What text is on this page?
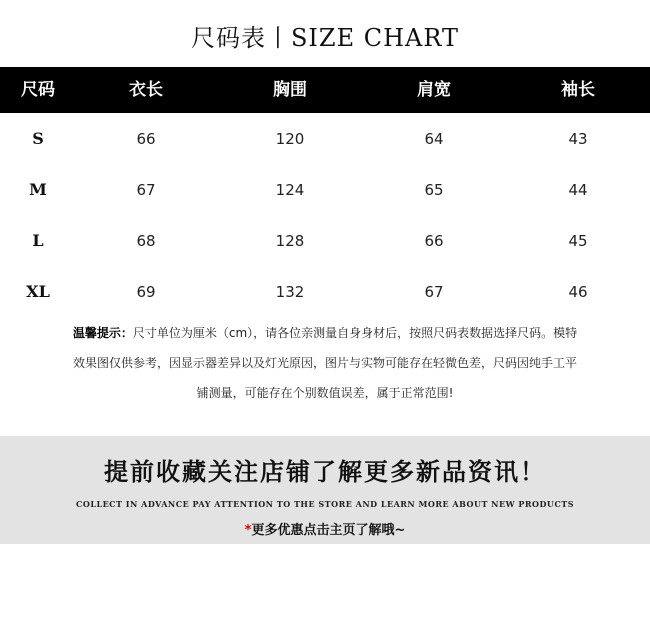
尺码表丨SIZE CHART
尺码	衣长	胸围	肩宽	袖长
S	66	120	64	43
M	67	124	65	44
L	68	128	66	45
XL	69	132	67	46
温馨提示：尺寸单位为厘米（cm），请各位亲测量自身身材后，按照尺码表数据选择尺码。模特
效果图仅供参考，因显示器差异以及灯光原因，图片与实物可能存在轻微色差，尺码因纯手工平
铺测量，可能存在个别数值误差，属于正常范围!
提前收藏关注店铺了解更多新品资讯！
COLLECT IN ADVANCE PAY ATTENTION TO THE STORE AND LEARN MORE ABOUT NEW PRODUCTS
*更多优惠点击主页了解哦~
